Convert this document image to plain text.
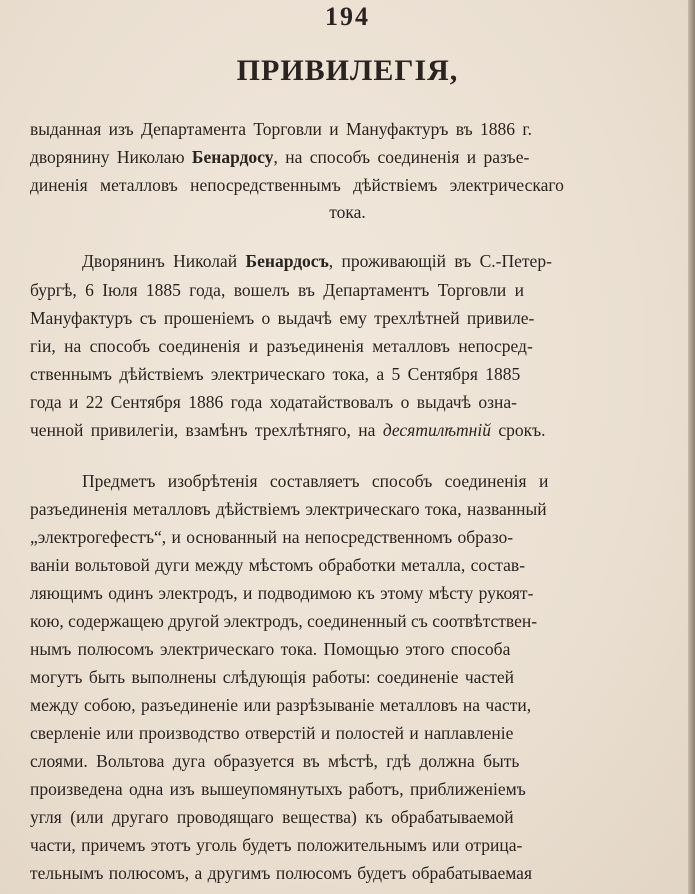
194
ПРИВИЛЕГІЯ,
выданная изъ Департамента Торговли и Мануфактуръ въ 1886 г.
дворянину Николаю Бенардосу, на способъ соединенія и разъе-
диненія металловъ непосредственнымъ дѣйствіемъ электрическаго
тока.
Дворянинъ Николай Бенардосъ, проживающій въ С.-Петер-
бургѣ, 6 Іюля 1885 года, вошелъ въ Департаментъ Торговли и
Мануфактуръ съ прошеніемъ о выдачѣ ему трехлѣтней привиле-
гіи, на способъ соединенія и разъединенія металловъ непосред-
ственнымъ дѣйствіемъ электрическаго тока, а 5 Сентября 1885
года и 22 Сентября 1886 года ходатайствовалъ о выдачѣ озна-
ченной привилегіи, взамѣнъ трехлѣтняго, на десятилѣтній срокъ.
Предметъ изобрѣтенія составляетъ способъ соединенія и
разъединенія металловъ дѣйствіемъ электрическаго тока, названный
„электрогефестъ“, и основанный на непосредственномъ образо-
ваніи вольтовой дуги между мѣстомъ обработки металла, состав-
ляющимъ одинъ электродъ, и подводимою къ этому мѣсту рукоят-
кою, содержащею другой электродъ, соединенный съ соотвѣтствен-
нымъ полюсомъ электрическаго тока. Помощью этого способа
могутъ быть выполнены слѣдующія работы: соединеніе частей
между собою, разъединеніе или разрѣзываніе металловъ на части,
сверленіе или производство отверстій и полостей и наплавленіе
слоями. Вольтова дуга образуется въ мѣстѣ, гдѣ должна быть
произведена одна изъ вышеупомянутыхъ работъ, приближеніемъ
угля (или другаго проводящаго вещества) къ обрабатываемой
части, причемъ этотъ уголь будетъ положительнымъ или отрица-
тельнымъ полюсомъ, а другимъ полюсомъ будетъ обрабатываемая
